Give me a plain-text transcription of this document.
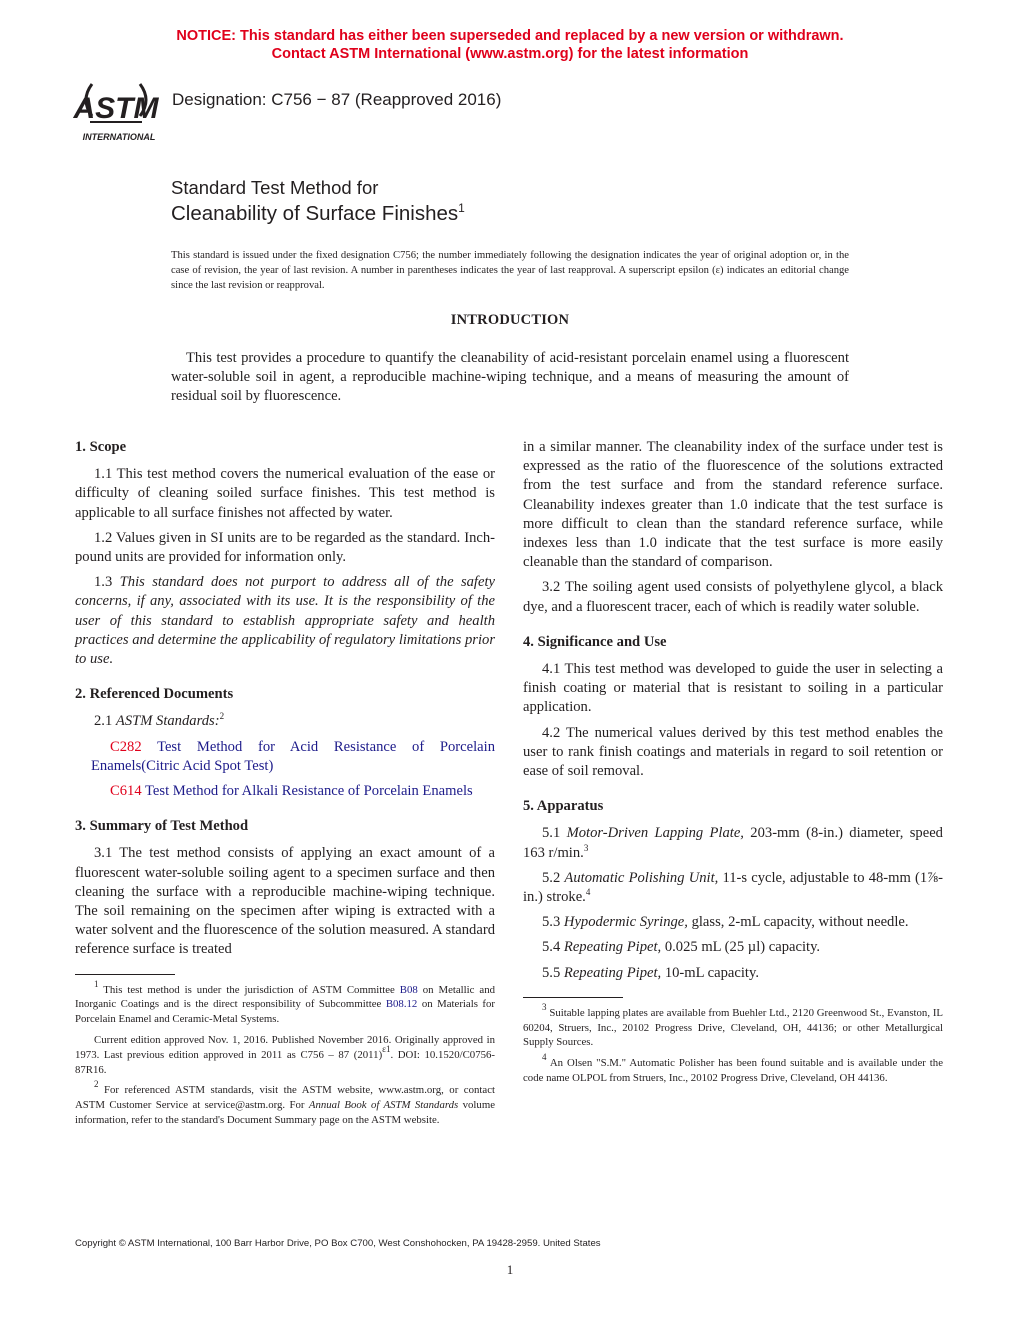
NOTICE: This standard has either been superseded and replaced by a new version or withdrawn.
Contact ASTM International (www.astm.org) for the latest information
ASTM
INTERNATIONAL
Designation: C756 − 87 (Reapproved 2016)
Standard Test Method for
Cleanability of Surface Finishes$^1$
This standard is issued under the fixed designation C756; the number immediately following the designation indicates the year of original adoption or, in the case of revision, the year of last revision. A number in parentheses indicates the year of last reapproval. A superscript epsilon (ε) indicates an editorial change since the last revision or reapproval.
INTRODUCTION
This test provides a procedure to quantify the cleanability of acid-resistant porcelain enamel using a fluorescent water-soluble soil in agent, a reproducible machine-wiping technique, and a means of measuring the amount of residual soil by fluorescence.
1. Scope

1.1 This test method covers the numerical evaluation of the ease or difficulty of cleaning soiled surface finishes. This test method is applicable to all surface finishes not affected by water.

1.2 Values given in SI units are to be regarded as the standard. Inch-pound units are provided for information only.

1.3 This standard does not purport to address all of the safety concerns, if any, associated with its use. It is the responsibility of the user of this standard to establish appropriate safety and health practices and determine the applicability of regulatory limitations prior to use.

2. Referenced Documents

2.1 ASTM Standards:$^2$

C282 Test Method for Acid Resistance of Porcelain Enamels(Citric Acid Spot Test)

C614 Test Method for Alkali Resistance of Porcelain Enamels

3. Summary of Test Method

3.1 The test method consists of applying an exact amount of a fluorescent water-soluble soiling agent to a specimen surface and then cleaning the surface with a reproducible machine-wiping technique. The soil remaining on the specimen after wiping is extracted with a water solvent and the fluorescence of the solution measured. A standard reference surface is treated

$^1$ This test method is under the jurisdiction of ASTM Committee B08 on Metallic and Inorganic Coatings and is the direct responsibility of Subcommittee B08.12 on Materials for Porcelain Enamel and Ceramic-Metal Systems.

Current edition approved Nov. 1, 2016. Published November 2016. Originally approved in 1973. Last previous edition approved in 2011 as C756 – 87 $(2011)^{\varepsilon 1}$. DOI: 10.1520/C0756-87R16.

$^2$ For referenced ASTM standards, visit the ASTM website, www.astm.org, or contact ASTM Customer Service at service@astm.org. For Annual Book of ASTM Standards volume information, refer to the standard's Document Summary page on the ASTM website.

in a similar manner. The cleanability index of the surface under test is expressed as the ratio of the fluorescence of the solutions extracted from the test surface and from the standard reference surface. Cleanability indexes greater than 1.0 indicate that the test surface is more difficult to clean than the standard reference surface, while indexes less than 1.0 indicate that the test surface is more easily cleanable than the standard of comparison.

3.2 The soiling agent used consists of polyethylene glycol, a black dye, and a fluorescent tracer, each of which is readily water soluble.

4. Significance and Use

4.1 This test method was developed to guide the user in selecting a finish coating or material that is resistant to soiling in a particular application.

4.2 The numerical values derived by this test method enables the user to rank finish coatings and materials in regard to soil retention or ease of soil removal.

5. Apparatus

5.1 Motor-Driven Lapping Plate, 203-mm (8-in.) diameter, speed 163 r/min.$^3$

5.2 Automatic Polishing Unit, 11-s cycle, adjustable to 48-mm (1⅞-in.) stroke.$^4$

5.3 Hypodermic Syringe, glass, 2-mL capacity, without needle.

5.4 Repeating Pipet, 0.025 mL (25 µl) capacity.

5.5 Repeating Pipet, 10-mL capacity.

$^3$ Suitable lapping plates are available from Buehler Ltd., 2120 Greenwood St., Evanston, IL 60204, Struers, Inc., 20102 Progress Drive, Cleveland, OH, 44136; or other Metallurgical Supply Sources.

$^4$ An Olsen "S.M." Automatic Polisher has been found suitable and is available under the code name OLPOL from Struers, Inc., 20102 Progress Drive, Cleveland, OH 44136.

Copyright © ASTM International, 100 Barr Harbor Drive, PO Box C700, West Conshohocken, PA 19428-2959. United States
1
